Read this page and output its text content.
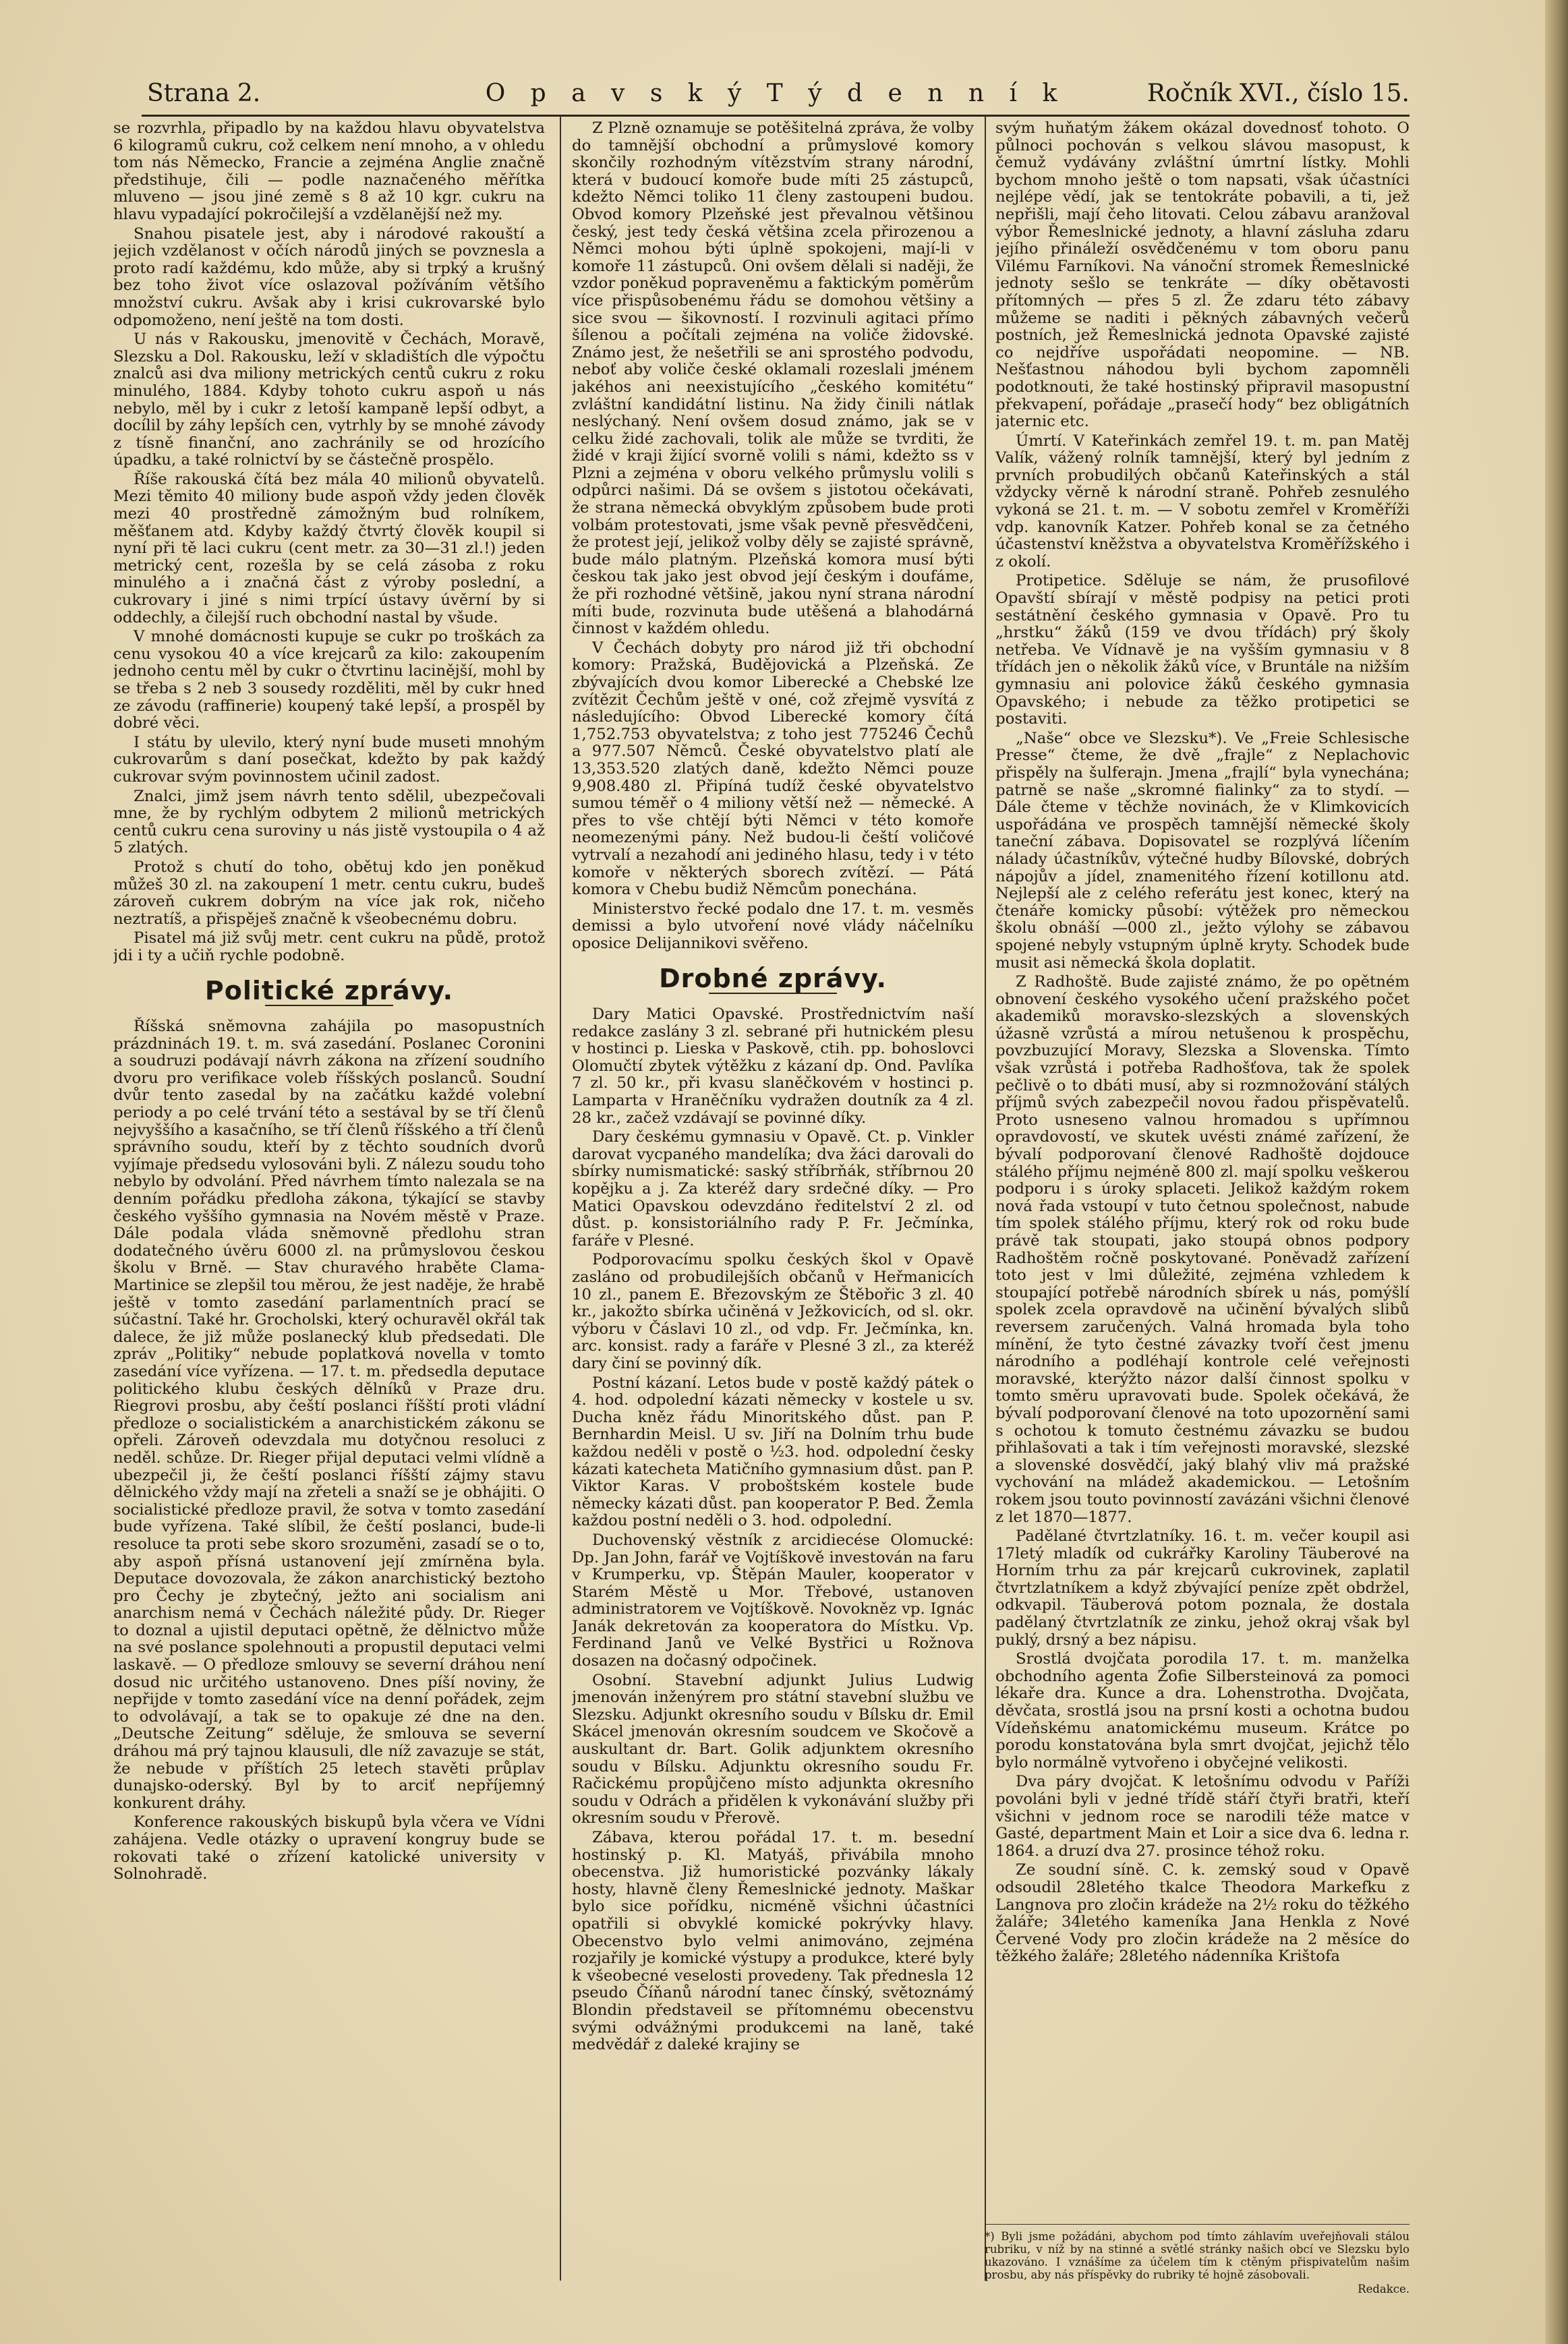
Strana 2.	O p a v s k ý T ý d e n n í k	Ročník XVI., číslo 15.

se rozvrhla, připadlo by na každou hlavu obyvatelstva 6 kilogramů cukru, což celkem není mnoho, a v ohledu tom nás Německo, Francie a zejména Anglie značně předstihuje, čili — podle naznačeného měřítka mluveno — jsou jiné země s 8 až 10 kgr. cukru na hlavu vypadající pokročilejší a vzdělanější než my.

Snahou pisatele jest, aby i národové rakouští a jejich vzdělanost v očích národů jiných se povznesla a proto radí každému, kdo může, aby si trpký a krušný bez toho život více oslazoval požíváním většího množství cukru. Avšak aby i krisi cukrovarské bylo odpomoženo, není ještě na tom dosti.

U nás v Rakousku, jmenovitě v Čechách, Moravě, Slezsku a Dol. Rakousku, leží v skladištích dle výpočtu znalců asi dva miliony metrických centů cukru z roku minulého, 1884. Kdyby tohoto cukru aspoň u nás nebylo, měl by i cukr z letoší kampaně lepší odbyt, a docílil by záhy lepších cen, vytrhly by se mnohé závody z tísně finanční, ano zachránily se od hrozícího úpadku, a také rolnictví by se částečně prospělo.

Říše rakouská čítá bez mála 40 milionů obyvatelů. Mezi těmito 40 miliony bude aspoň vždy jeden člověk mezi 40 prostředně zámožným bud rolníkem, měšťanem atd. Kdyby každý čtvrtý člověk koupil si nyní při tě laci cukru (cent metr. za 30—31 zl.!) jeden metrický cent, rozešla by se celá zásoba z roku minulého a i značná část z výroby poslední, a cukrovary i jiné s nimi trpící ústavy úvěrní by si oddechly, a čilejší ruch obchodní nastal by všude.

V mnohé domácnosti kupuje se cukr po troškách za cenu vysokou 40 a více krejcarů za kilo: zakoupením jednoho centu měl by cukr o čtvrtinu lacinější, mohl by se třeba s 2 neb 3 sousedy rozděliti, měl by cukr hned ze závodu (raffinerie) koupený také lepší, a prospěl by dobré věci.

I státu by ulevilo, který nyní bude museti mnohým cukrovarům s daní posečkat, kdežto by pak každý cukrovar svým povinnostem učinil zadost.

Znalci, jimž jsem návrh tento sdělil, ubezpečovali mne, že by rychlým odbytem 2 milionů metrických centů cukru cena suroviny u nás jistě vystoupila o 4 až 5 zlatých.

Protož s chutí do toho, obětuj kdo jen poněkud můžeš 30 zl. na zakoupení 1 metr. centu cukru, budeš zároveň cukrem dobrým na více jak rok, ničeho neztratíš, a přispěješ značně k všeobecnému dobru.

Pisatel má již svůj metr. cent cukru na půdě, protož jdi i ty a učiň rychle podobně.

Politické zprávy.

Říšská sněmovna zahájila po masopustních prázdninách 19. t. m. svá zasedání. Poslanec Coronini a soudruzi podávají návrh zákona na zřízení soudního dvoru pro verifikace voleb říšských poslanců. Soudní dvůr tento zasedal by na začátku každé volební periody a po celé trvání této a sestával by se tří členů nejvyššího a kasačního, se tří členů říšského a tří členů správního soudu, kteří by z těchto soudních dvorů vyjímaje předsedu vylosováni byli. Z nálezu soudu toho nebylo by odvolání. Před návrhem tímto nalezala se na denním pořádku předloha zákona, týkající se stavby českého vyššího gymnasia na Novém městě v Praze. Dále podala vláda sněmovně předlohu stran dodatečného úvěru 6000 zl. na průmyslovou českou školu v Brně. — Stav churavého hraběte Clama-Martinice se zlepšil tou měrou, že jest naděje, že hrabě ještě v tomto zasedání parlamentních prací se súčastní. Také hr. Grocholski, který ochuravěl okřál tak dalece, že již může poslanecký klub předsedati. Dle zpráv „Politiky“ nebude poplatková novella v tomto zasedání více vyřízena. — 17. t. m. předsedla deputace politického klubu českých dělníků v Praze dru. Riegrovi prosbu, aby čeští poslanci říšští proti vládní předloze o socialistickém a anarchistickém zákonu se opřeli. Zároveň odevzdala mu dotyčnou resoluci z neděl. schůze. Dr. Rieger přijal deputaci velmi vlídně a ubezpečil ji, že čeští poslanci říšští zájmy stavu dělnického vždy mají na zřeteli a snaží se je obhájiti. O socialistické předloze pravil, že sotva v tomto zasedání bude vyřízena. Také slíbil, že čeští poslanci, bude-li resoluce ta proti sebe skoro srozuměni, zasadí se o to, aby aspoň přísná ustanovení její zmírněna byla. Deputace dovozovala, že zákon anarchistický beztoho pro Čechy je zbytečný, ježto ani socialism ani anarchism nemá v Čechách náležité půdy. Dr. Rieger to doznal a ujistil deputaci opětně, že dělnictvo může na své poslance spolehnouti a propustil deputaci velmi laskavě. — O předloze smlouvy se severní dráhou není dosud nic určitého ustanoveno. Dnes píší noviny, že nepřijde v tomto zasedání více na denní pořádek, zejm to odvolávají, a tak se to opakuje zé dne na den. „Deutsche Zeitung“ sděluje, že smlouva se severní dráhou má prý tajnou klausuli, dle níž zavazuje se stát, že nebude v příštích 25 letech stavěti průplav dunajsko-oderský. Byl by to arciť nepříjemný konkurent dráhy.

Konference rakouských biskupů byla včera ve Vídni zahájena. Vedle otázky o upravení kongruy bude se rokovati také o zřízení katolické university v Solnohradě.

Z Plzně oznamuje se potěšitelná zpráva, že volby do tamnější obchodní a průmyslové komory skončily rozhodným vítězstvím strany národní, která v budoucí komoře bude míti 25 zástupců, kdežto Němci toliko 11 členy zastoupeni budou. Obvod komory Plzeňské jest převalnou většinou český, jest tedy česká většina zcela přirozenou a Němci mohou býti úplně spokojeni, mají-li v komoře 11 zástupců. Oni ovšem dělali si naději, že vzdor poněkud popraveněmu a faktickým poměrům více přispůsobenému řádu se domohou většiny a sice svou — šikovností. I rozvinuli agitaci přímo šílenou a počítali zejména na voliče židovské. Známo jest, že nešetřili se ani sprostého podvodu, neboť aby voliče české oklamali rozeslali jménem jakéhos ani neexistujícího „českého komitétu“ zvláštní kandidátní listinu. Na židy činili nátlak neslýchaný. Není ovšem dosud známo, jak se v celku židé zachovali, tolik ale může se tvrditi, že židé v kraji žijící svorně volili s námi, kdežto ss v Plzni a zejména v oboru velkého průmyslu volili s odpůrci našimi. Dá se ovšem s jistotou očekávati, že strana německá obvyklým způsobem bude proti volbám protestovati, jsme však pevně přesvědčeni, že protest její, jelikož volby děly se zajisté správně, bude málo platným. Plzeňská komora musí býti českou tak jako jest obvod její českým i doufáme, že při rozhodné většině, jakou nyní strana národní míti bude, rozvinuta bude utěšená a blahodárná činnost v každém ohledu.

V Čechách dobyty pro národ již tři obchodní komory: Pražská, Budějovická a Plzeňská. Ze zbývajících dvou komor Liberecké a Chebské lze zvítězit Čechům ještě v oné, což zřejmě vysvítá z následujícího: Obvod Liberecké komory čítá 1,752.753 obyvatelstva; z toho jest 775246 Čechů a 977.507 Němců. České obyvatelstvo platí ale 13,353.520 zlatých daně, kdežto Němci pouze 9,908.480 zl. Připíná tudíž české obyvatelstvo sumou téměř o 4 miliony větší než — německé. A přes to vše chtějí býti Němci v této komoře neomezenými pány. Než budou-li čeští voličové vytrvalí a nezahodí ani jediného hlasu, tedy i v této komoře v některých sborech zvítězí. — Pátá komora v Chebu budiž Němcům ponechána.

Ministerstvo řecké podalo dne 17. t. m. vesměs demissi a bylo utvoření nové vlády náčelníku oposice Delijannikovi svěřeno.

Drobné zprávy.

Dary Matici Opavské. Prostřednictvím naší redakce zaslány 3 zl. sebrané při hutnickém plesu v hostinci p. Lieska v Paskově, ctih. pp. bohoslovci Olomučtí zbytek výtěžku z kázaní dp. Ond. Pavlíka 7 zl. 50 kr., při kvasu slaněčkovém v hostinci p. Lamparta v Hraněčníku vydražen doutník za 4 zl. 28 kr., začež vzdávají se povinné díky.

Dary českému gymnasiu v Opavě. Ct. p. Vinkler darovat vycpaného mandelíka; dva žáci darovali do sbírky numismatické: saský stříbrňák, stříbrnou 20 kopějku a j. Za kteréž dary srdečné díky. — Pro Matici Opavskou odevzdáno ředitelství 2 zl. od důst. p. konsistoriálního rady P. Fr. Ječmínka, faráře v Plesné.

Podporovacímu spolku českých škol v Opavě zasláno od probudilejších občanů v Heřmanicích 10 zl., panem E. Březovským ze Štěbořic 3 zl. 40 kr., jakožto sbírka učiněná v Ježkovicích, od sl. okr. výboru v Čáslavi 10 zl., od vdp. Fr. Ječmínka, kn. arc. konsist. rady a faráře v Plesné 3 zl., za kteréž dary činí se povinný dík.

Postní kázaní. Letos bude v postě každý pátek o 4. hod. odpolední kázati německy v kostele u sv. Ducha kněz řádu Minoritského důst. pan P. Bernhardin Meisl. U sv. Jiří na Dolním trhu bude každou neděli v postě o ½3. hod. odpolední česky kázati katecheta Matičního gymnasium důst. pan P. Viktor Karas. V proboštském kostele bude německy kázati důst. pan kooperator P. Bed. Žemla každou postní neděli o 3. hod. odpolední.

Duchovenský věstník z arcidiecése Olomucké: Dp. Jan John, farář ve Vojtíškově investován na faru v Krumperku, vp. Štěpán Mauler, kooperator v Starém Městě u Mor. Třebové, ustanoven administratorem ve Vojtíškově. Novokněz vp. Ignác Janák dekretován za kooperatora do Místku. Vp. Ferdinand Janů ve Velké Bystřici u Rožnova dosazen na dočasný odpočinek.

Osobní. Stavební adjunkt Julius Ludwig jmenován inženýrem pro státní stavební službu ve Slezsku. Adjunkt okresního soudu v Bílsku dr. Emil Skácel jmenován okresním soudcem ve Skočově a auskultant dr. Bart. Golik adjunktem okresního soudu v Bílsku. Adjunktu okresního soudu Fr. Račickému propůjčeno místo adjunkta okresního soudu v Odrách a přidělen k vykonávání služby při okresním soudu v Přerově.

Zábava, kterou pořádal 17. t. m. besední hostinský p. Kl. Matyáš, přivábila mnoho obecenstva. Již humoristické pozvánky lákaly hosty, hlavně členy Řemeslnické jednoty. Maškar bylo sice pořídku, nicméně všichni účastníci opatřili si obvyklé komické pokrývky hlavy. Obecenstvo bylo velmi animováno, zejména rozjařily je komické výstupy a produkce, které byly k všeobecné veselosti provedeny. Tak přednesla 12 pseudo Číňanů národní tanec čínský, světoznámý Blondin představeil se přítomnému obecenstvu svými odvážnými produkcemi na laně, také medvědář z daleké krajiny se

svým huňatým žákem okázal dovednosť tohoto. O půlnoci pochován s velkou slávou masopust, k čemuž vydávány zvláštní úmrtní lístky. Mohli bychom mnoho ještě o tom napsati, však účastníci nejlépe vědí, jak se tentokráte pobavili, a ti, jež nepřišli, mají čeho litovati. Celou zábavu aranžoval výbor Řemeslnické jednoty, a hlavní zásluha zdaru jejího přináleží osvědčenému v tom oboru panu Vilému Farníkovi. Na vánoční stromek Řemeslnické jednoty sešlo se tenkráte — díky obětavosti přítomných — přes 5 zl. Že zdaru této zábavy můžeme se naditi i pěkných zábavných večerů postních, jež Řemeslnická jednota Opavské zajisté co nejdříve uspořádati neopomine. — NB. Nešťastnou náhodou byli bychom zapomněli podotknouti, že také hostinský připravil masopustní překvapení, pořádaje „prasečí hody“ bez obligátních jaternic etc.

Úmrtí. V Kateřinkách zemřel 19. t. m. pan Matěj Valík, vážený rolník tamnější, který byl jedním z prvních probudilých občanů Kateřinských a stál vždycky věrně k národní straně. Pohřeb zesnulého vykoná se 21. t. m. — V sobotu zemřel v Kroměříži vdp. kanovník Katzer. Pohřeb konal se za četného účastenství kněžstva a obyvatelstva Kroměřížského i z okolí.

Protipetice. Sděluje se nám, že prusofilové Opavští sbírají v městě podpisy na petici proti sestátnění českého gymnasia v Opavě. Pro tu „hrstku“ žáků (159 ve dvou třídách) prý školy netřeba. Ve Vídnavě je na vyšším gymnasiu v 8 třídách jen o několik žáků více, v Bruntále na nižším gymnasiu ani polovice žáků českého gymnasia Opavského; i nebude za těžko protipetici se postaviti.

„Naše“ obce ve Slezsku*). Ve „Freie Schlesische Presse“ čteme, že dvě „frajle“ z Neplachovic přispěly na šulferajn. Jmena „frajlí“ byla vynechána; patrně se naše „skromné fialinky“ za to stydí. — Dále čteme v těchže novinách, že v Klimkovicích uspořádána ve prospěch tamnější německé školy taneční zábava. Dopisovatel se rozplývá líčením nálady účastníkův, výtečné hudby Bílovské, dobrých nápojův a jídel, znamenitého řízení kotillonu atd. Nejlepší ale z celého referátu jest konec, který na čtenáře komicky působí: výtěžek pro německou školu obnáší —000 zl., ježto výlohy se zábavou spojené nebyly vstupným úplně kryty. Schodek bude musit asi německá škola doplatit.

Z Radhoště. Bude zajisté známo, že po opětném obnovení českého vysokého učení pražského počet akademiků moravsko-slezských a slovenských úžasně vzrůstá a mírou netušenou k prospěchu, povzbuzující Moravy, Slezska a Slovenska. Tímto však vzrůstá i potřeba Radhošťova, tak že spolek pečlivě o to dbáti musí, aby si rozmnožování stálých příjmů svých zabezpečil novou řadou přispěvatelů. Proto usneseno valnou hromadou s upřímnou opravdovostí, ve skutek uvésti známé zařízení, že bývalí podporovaní členové Radhoště dojdouce stálého příjmu nejméně 800 zl. mají spolku veškerou podporu i s úroky splaceti. Jelikož každým rokem nová řada vstoupí v tuto četnou společnost, nabude tím spolek stálého příjmu, který rok od roku bude právě tak stoupati, jako stoupá obnos podpory Radhoštěm ročně poskytované. Poněvadž zařízení toto jest v lmi důležité, zejména vzhledem k stoupající potřebě národních sbírek u nás, pomýšlí spolek zcela opravdově na učinění bývalých slibů reversem zaručených. Valná hromada byla toho mínění, že tyto čestné závazky tvoří čest jmenu národního a podléhají kontrole celé veřejnosti moravské, kterýžto názor další činnost spolku v tomto směru upravovati bude. Spolek očekává, že bývalí podporovaní členové na toto upozornění sami s ochotou k tomuto čestnému závazku se budou přihlašovati a tak i tím veřejnosti moravské, slezské a slovenské dosvědčí, jaký blahý vliv má pražské vychování na mládež akademickou. — Letošním rokem jsou touto povinností zavázáni všichni členové z let 1870—1877.

Padělané čtvrtzlatníky. 16. t. m. večer koupil asi 17letý mladík od cukrářky Karoliny Täuberové na Horním trhu za pár krejcarů cukrovinek, zaplatil čtvrtzlatníkem a když zbývající peníze zpět obdržel, odkvapil. Täuberová potom poznala, že dostala padělaný čtvrtzlatník ze zinku, jehož okraj však byl puklý, drsný a bez nápisu.

Srostlá dvojčata porodila 17. t. m. manželka obchodního agenta Žofie Silbersteinová za pomoci lékaře dra. Kunce a dra. Lohenstrotha. Dvojčata, děvčata, srostlá jsou na prsní kosti a ochotna budou Vídeňskému anatomickému museum. Krátce po porodu konstatována byla smrt dvojčat, jejichž tělo bylo normálně vytvořeno i obyčejné velikosti.

Dva páry dvojčat. K letošnímu odvodu v Paříži povoláni byli v jedné třídě stáří čtyři bratři, kteří všichni v jednom roce se narodili téže matce v Gasté, department Main et Loir a sice dva 6. ledna r. 1864. a druzí dva 27. prosince téhož roku.

Ze soudní síně. C. k. zemský soud v Opavě odsoudil 28letého tkalce Theodora Markefku z Langnova pro zločin krádeže na 2½ roku do těžkého žaláře; 34letého kameníka Jana Henkla z Nové Červené Vody pro zločin krádeže na 2 měsíce do těžkého žaláře; 28letého nádenníka Krištofa

*) Byli jsme požádáni, abychom pod tímto záhlavím uveřejňovali stálou rubriku, v níž by na stinné a světlé stránky našich obcí ve Slezsku bylo ukazováno. I vznášíme za účelem tím k ctěným přispivatelům našim prosbu, aby nás příspěvky do rubriky té hojně zásobovali.
Redakce.
